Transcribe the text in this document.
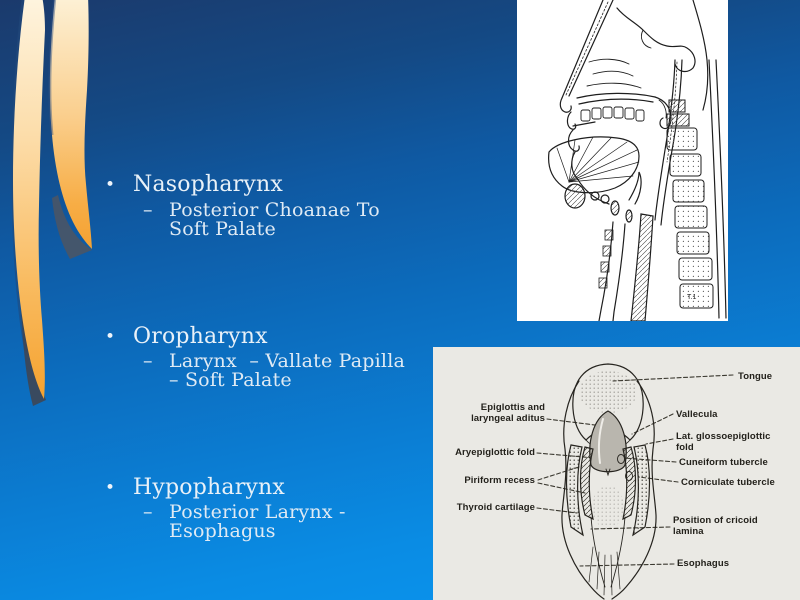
• Nasopharynx
– Posterior Choanae To
Soft Palate
• Oropharynx
– Larynx  – Vallate Papilla
– Soft Palate
• Hypopharynx
– Posterior Larynx -
Esophagus
T.1
Tongue
Vallecula
Lat. glossoepiglottic fold
Cuneiform tubercle
Corniculate tubercle
Position of cricoid lamina
Esophagus
Epiglottis and laryngeal aditus
Aryepiglottic fold
Piriform recess
Thyroid cartilage
